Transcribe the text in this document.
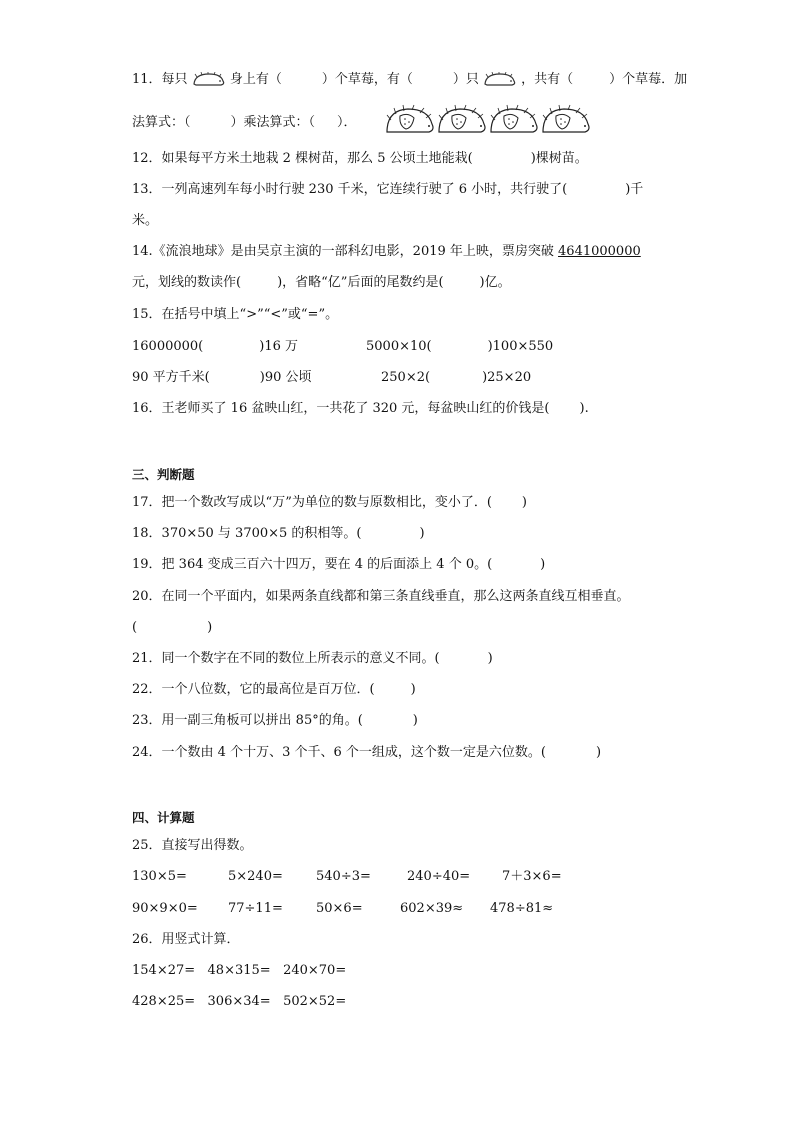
11．每只	身上有（	）个草莓，有（	）只	，共有（	）个草莓．加
法算式：（	）乘法算式：（ ）．
12．如果每平方米土地栽 2 棵树苗，那么 5 公顷土地能栽(	)棵树苗。
13．一列高速列车每小时行驶 230 千米，它连续行驶了 6 小时，共行驶了(	)千
米。
14.《流浪地球》是由吴京主演的一部科幻电影，2019 年上映，票房突破 4641000000
元，划线的数读作(	)，省略“亿”后面的尾数约是(	)亿。
15．在括号中填上“>”“<”或“=”。
16000000(	)16 万	5000×10(	)100×550
90 平方千米(	)90 公顷	250×2(	)25×20
16．王老师买了 16 盆映山红，一共花了 320 元，每盆映山红的价钱是( ).
三、判断题
17．把一个数改写成以“万”为单位的数与原数相比，变小了．( )
18．370×50 与 3700×5 的积相等。(	)
19．把 364 变成三百六十四万，要在 4 的后面添上 4 个 0。(	)
20．在同一个平面内，如果两条直线都和第三条直线垂直，那么这两条直线互相垂直。
(	)
21．同一个数字在不同的数位上所表示的意义不同。(	)
22．一个八位数，它的最高位是百万位．(	)
23．用一副三角板可以拼出 85°的角。(	)
24．一个数由 4 个十万、3 个千、6 个一组成，这个数一定是六位数。(	)
四、计算题
25．直接写出得数。
130×5=	5×240=	540÷3=	240÷40= 7＋3×6=
90×9×0= 77÷11=	50×6=	602×39≈ 478÷81≈
26．用竖式计算．
154×27=   48×315=   240×70=
428×25=   306×34=   502×52=
